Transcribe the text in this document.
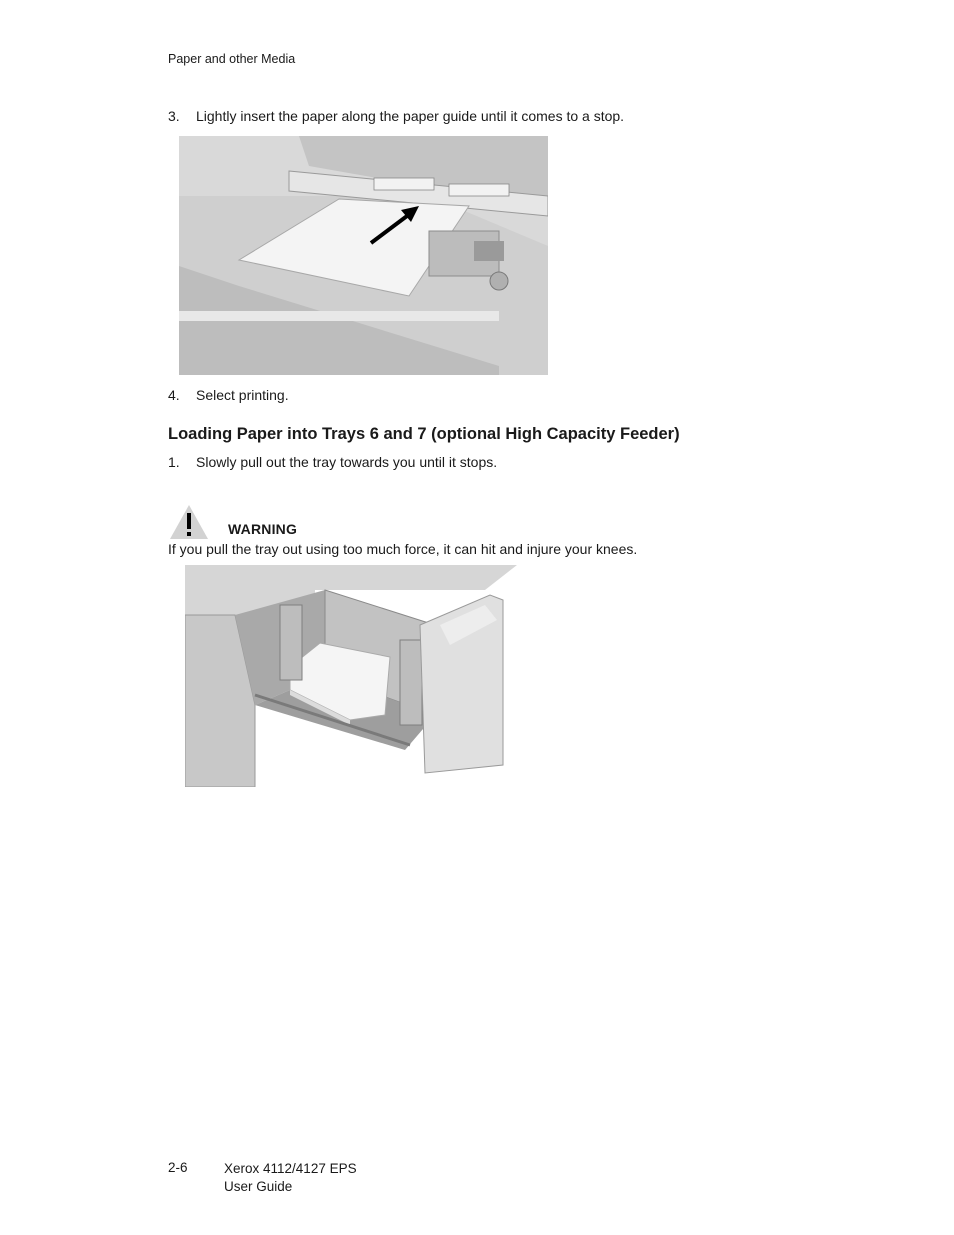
Paper and other Media
3.	Lightly insert the paper along the paper guide until it comes to a stop.
4.	Select printing.
Loading Paper into Trays 6 and 7 (optional High Capacity Feeder)
1.	Slowly pull out the tray towards you until it stops.
WARNING
If you pull the tray out using too much force, it can hit and injure your knees.
2-6	Xerox 4112/4127 EPS
User Guide
